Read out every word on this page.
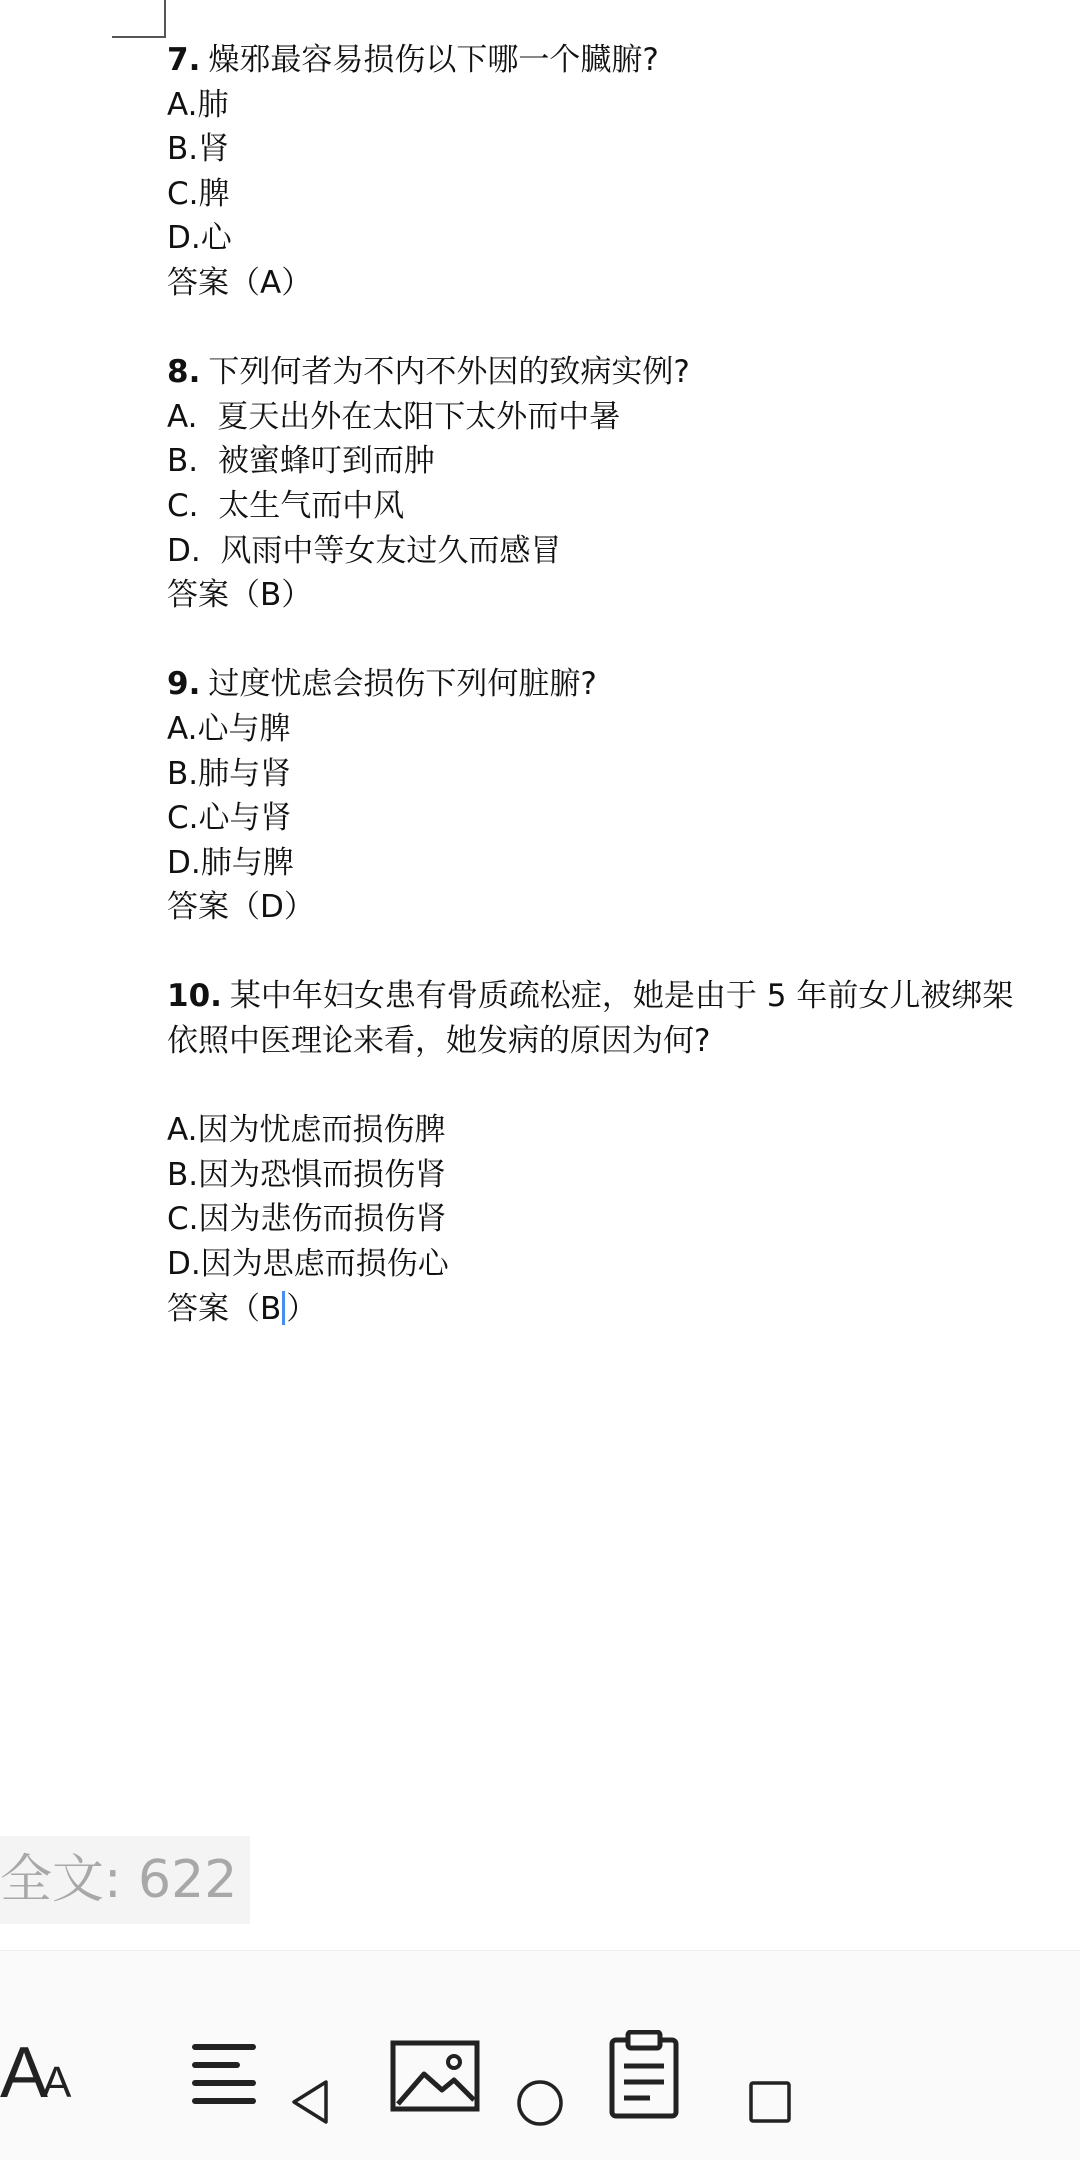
7. 燥邪最容易损伤以下哪一个臓腑?
A.肺
B.肾
C.脾
D.心
答案（A）
8. 下列何者为不内不外因的致病实例?
A.  夏天出外在太阳下太外而中暑
B.  被蜜蜂叮到而肿
C.  太生气而中风
D.  风雨中等女友过久而感冒
答案（B）
9. 过度忧虑会损伤下列何脏腑?
A.心与脾
B.肺与肾
C.心与肾
D.肺与脾
答案（D）
10. 某中年妇女患有骨质疏松症，她是由于 5 年前女儿被绑架
依照中医理论来看，她发病的原因为何?
A.因为忧虑而损伤脾
B.因为恐惧而损伤肾
C.因为悲伤而损伤肾
D.因为思虑而损伤心
答案（B ）
全文: 622
AA
